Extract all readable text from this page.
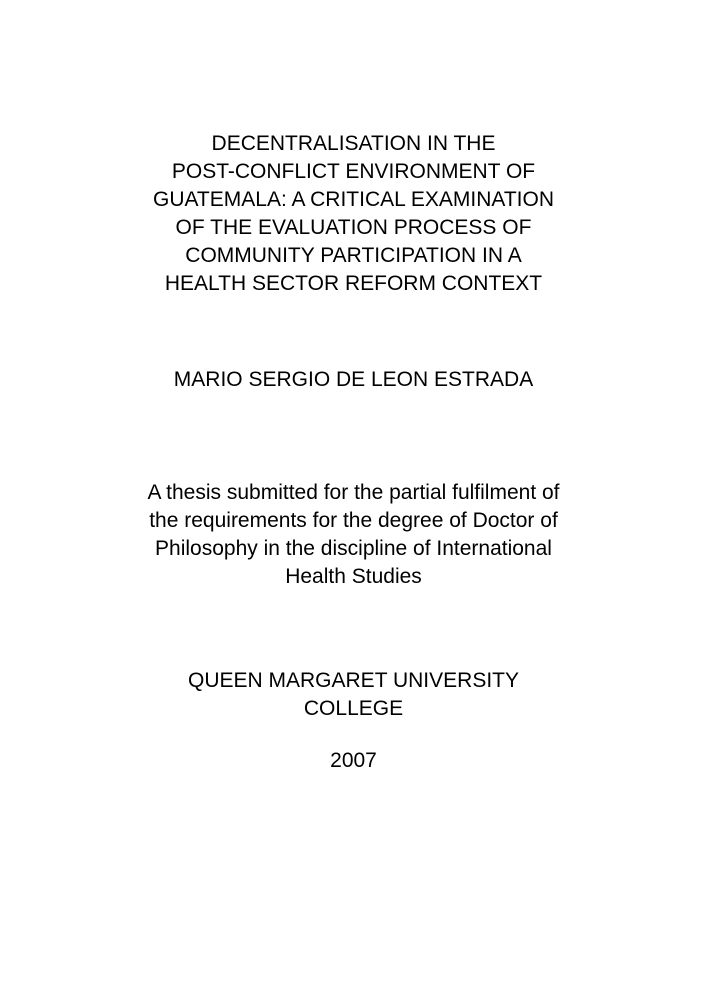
DECENTRALISATION IN THE
POST-CONFLICT ENVIRONMENT OF
GUATEMALA: A CRITICAL EXAMINATION
OF THE EVALUATION PROCESS OF
COMMUNITY PARTICIPATION IN A
HEALTH SECTOR REFORM CONTEXT

MARIO SERGIO DE LEON ESTRADA

A thesis submitted for the partial fulfilment of
the requirements for the degree of Doctor of
Philosophy in the discipline of International
Health Studies

QUEEN MARGARET UNIVERSITY
COLLEGE

2007
